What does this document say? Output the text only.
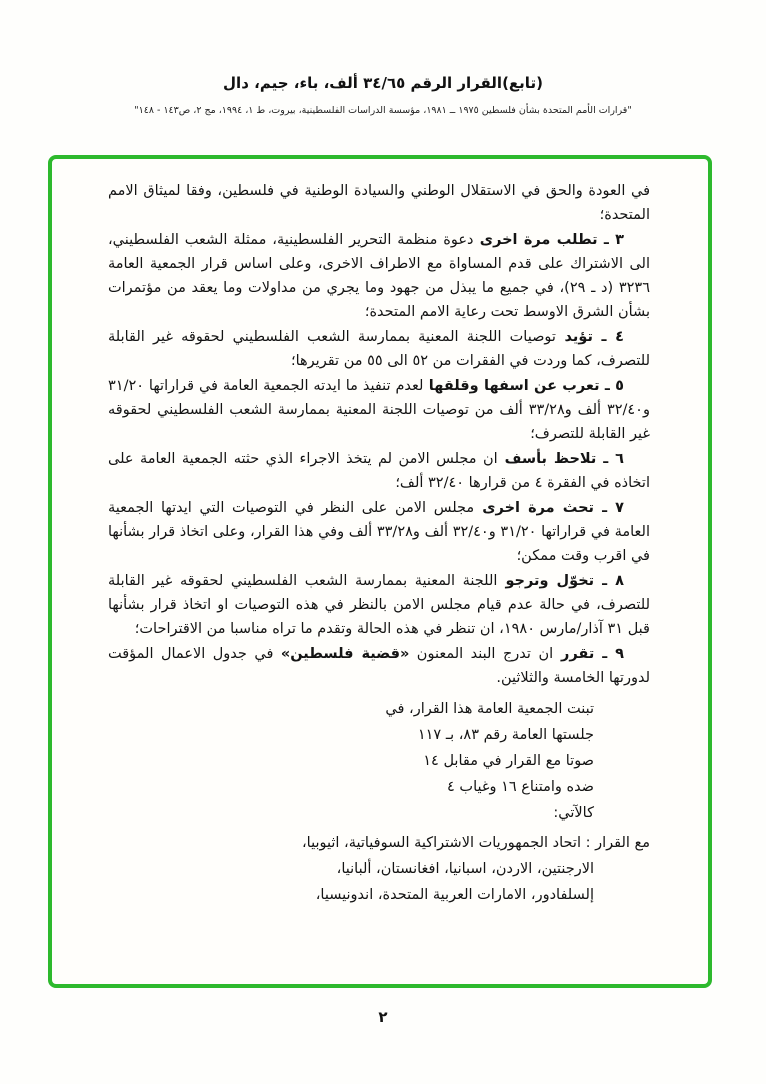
(تابع)القرار الرقم ٣٤/٦٥ ألف، باء، جيم، دال
"قرارات الأمم المتحدة بشأن فلسطين ١٩٧٥ ــ ١٩٨١، مؤسسة الدراسات الفلسطينية، بيروت، ط ١، ١٩٩٤، مج ٢، ص١٤٣ - ١٤٨"

في العودة والحق في الاستقلال الوطني والسيادة الوطنية في فلسطين، وفقا لميثاق الامم المتحدة؛

٣ ـ تطلب مرة اخرى دعوة منظمة التحرير الفلسطينية، ممثلة الشعب الفلسطيني، الى الاشتراك على قدم المساواة مع الاطراف الاخرى، وعلى اساس قرار الجمعية العامة ٣٢٣٦ (د ـ ٢٩)، في جميع ما يبذل من جهود وما يجري من مداولات وما يعقد من مؤتمرات بشأن الشرق الاوسط تحت رعاية الامم المتحدة؛

٤ ـ تؤيد توصيات اللجنة المعنية بممارسة الشعب الفلسطيني لحقوقه غير القابلة للتصرف، كما وردت في الفقرات من ٥٢ الى ٥٥ من تقريرها؛

٥ ـ تعرب عن اسفها وقلقها لعدم تنفيذ ما ايدته الجمعية العامة في قراراتها ٣١/٢٠ و٣٢/٤٠ ألف و٣٣/٢٨ ألف من توصيات اللجنة المعنية بممارسة الشعب الفلسطيني لحقوقه غير القابلة للتصرف؛

٦ ـ تلاحظ بأسف ان مجلس الامن لم يتخذ الاجراء الذي حثته الجمعية العامة على اتخاذه في الفقرة ٤ من قرارها ٣٢/٤٠ ألف؛

٧ ـ تحث مرة اخرى مجلس الامن على النظر في التوصيات التي ايدتها الجمعية العامة في قراراتها ٣١/٢٠ و٣٢/٤٠ ألف و٣٣/٢٨ ألف وفي هذا القرار، وعلى اتخاذ قرار بشأنها في اقرب وقت ممكن؛

٨ ـ تخوّل وترجو اللجنة المعنية بممارسة الشعب الفلسطيني لحقوقه غير القابلة للتصرف، في حالة عدم قيام مجلس الامن بالنظر في هذه التوصيات او اتخاذ قرار بشأنها قبل ٣١ آذار/مارس ١٩٨٠، ان تنظر في هذه الحالة وتقدم ما تراه مناسبا من الاقتراحات؛

٩ ـ تقرر ان تدرج البند المعنون «قضية فلسطين» في جدول الاعمال المؤقت لدورتها الخامسة والثلاثين.

تبنت الجمعية العامة هذا القرار، في
جلستها العامة رقم ٨٣، بـ ١١٧
صوتا مع القرار في مقابل ١٤
ضده وامتناع ١٦ وغياب ٤
كالآتي:
مع القرار : اتحاد الجمهوريات الاشتراكية السوفياتية، اثيوبيا،
الارجنتين، الاردن، اسبانيا، افغانستان، ألبانيا،
إلسلفادور، الامارات العربية المتحدة، اندونيسيا،
٢
